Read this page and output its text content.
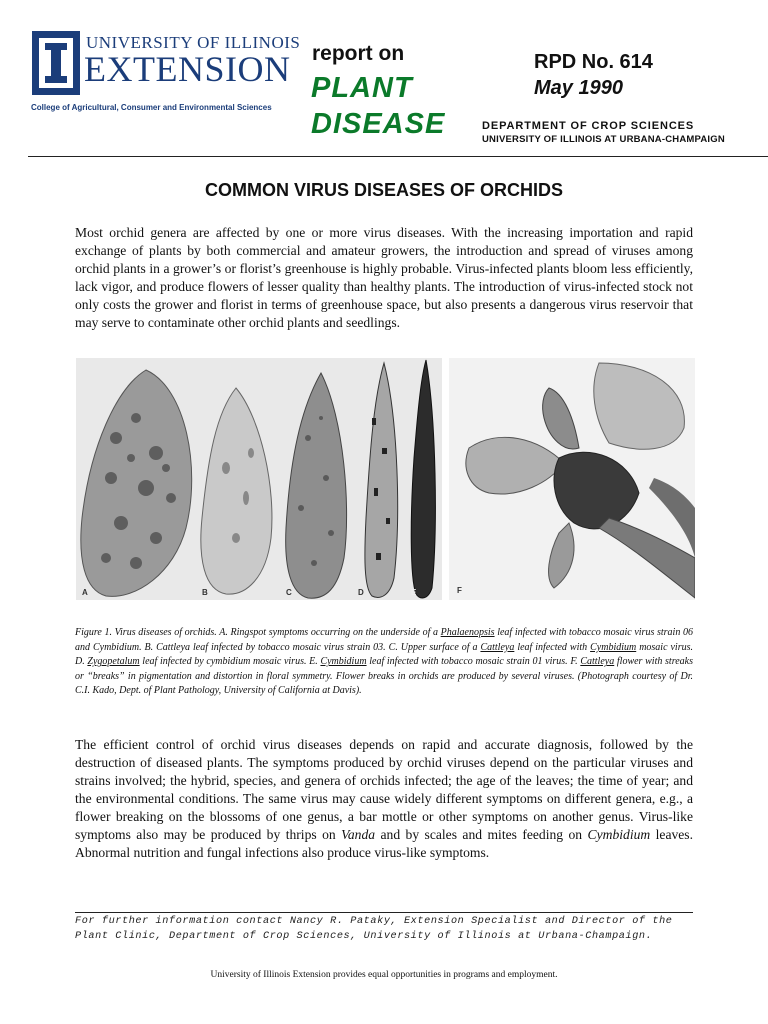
UNIVERSITY OF ILLINOIS
EXTENSION
College of Agricultural, Consumer and Environmental Sciences
report on
PLANT
DISEASE
RPD No. 614
May 1990
DEPARTMENT OF CROP SCIENCES
UNIVERSITY OF ILLINOIS AT URBANA-CHAMPAIGN
COMMON VIRUS DISEASES OF ORCHIDS
Most orchid genera are affected by one or more virus diseases. With the increasing importation and rapid exchange of plants by both commercial and amateur growers, the introduction and spread of viruses among orchid plants in a grower’s or florist’s greenhouse is highly probable. Virus-infected plants bloom less efficiently, lack vigor, and produce flowers of lesser quality than healthy plants. The introduction of virus-infected stock not only costs the grower and florist in terms of greenhouse space, but also presents a dangerous virus reservoir that may serve to contaminate other orchid plants and seedlings.
A	B	C	D	E	F
Figure 1. Virus diseases of orchids. A. Ringspot symptoms occurring on the underside of a Phalaenopsis leaf infected with tobacco mosaic virus strain 06 and Cymbidium. B. Cattleya leaf infected by tobacco mosaic virus strain 03. C. Upper surface of a Cattleya leaf infected with Cymbidium mosaic virus. D. Zygopetalum leaf infected by cymbidium mosaic virus. E. Cymbidium leaf infected with tobacco mosaic strain 01 virus. F. Cattleya flower with streaks or “breaks” in pigmentation and distortion in floral symmetry. Flower breaks in orchids are produced by several viruses. (Photograph courtesy of Dr. C.I. Kado, Dept. of Plant Pathology, University of California at Davis).
The efficient control of orchid virus diseases depends on rapid and accurate diagnosis, followed by the destruction of diseased plants. The symptoms produced by orchid viruses depend on the particular viruses and strains involved; the hybrid, species, and genera of orchids infected; the age of the leaves; the time of year; and the environmental conditions. The same virus may cause widely different symptoms on different genera, e.g., a flower breaking on the blossoms of one genus, a bar mottle or other symptoms on another genus. Virus-like symptoms also may be produced by thrips on Vanda and by scales and mites feeding on Cymbidium leaves. Abnormal nutrition and fungal infections also produce virus-like symptoms.
For further information contact Nancy R. Pataky, Extension Specialist and Director of the Plant Clinic, Department of Crop Sciences, University of Illinois at Urbana-Champaign.
University of Illinois Extension provides equal opportunities in programs and employment.
